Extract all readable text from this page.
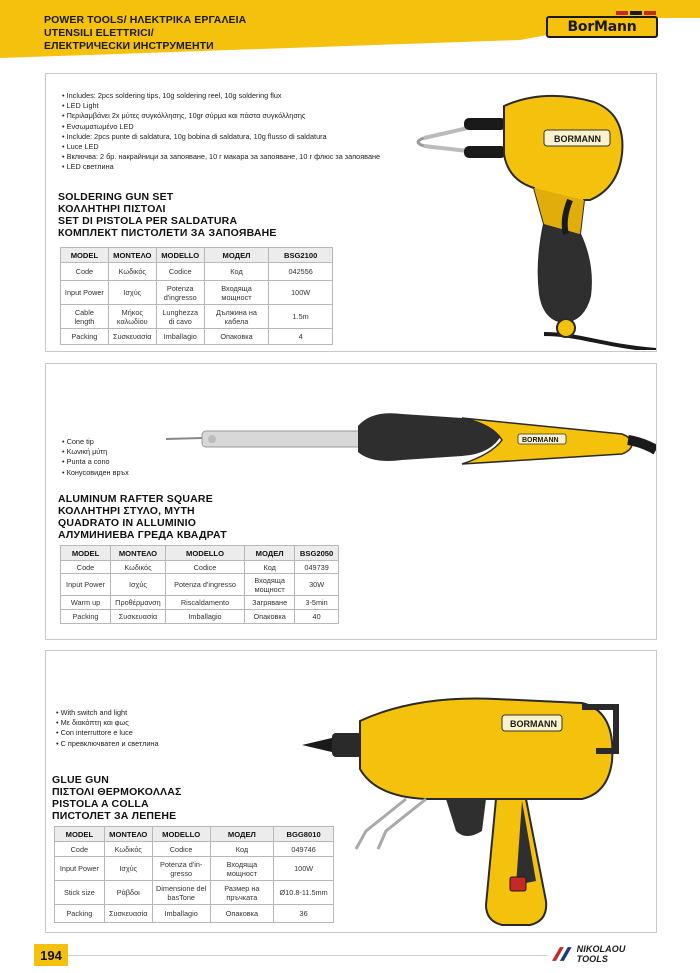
POWER TOOLS/ ΗΛΕΚΤΡΙΚΑ ΕΡΓΑΛΕΙΑ
UTENSILI ELETTRICI/
ЕЛЕКТРИЧЕСКИ ИНСТРУМЕНТИ
BorMann
• Includes: 2pcs soldering tips, 10g soldering reel, 10g soldering flux
• LED Light
• Περιλαμβάνει 2x μύτες συγκόλλησης, 10gr σύρμα και πάστα συγκόλλησης
• Ενσωματωμένο LED
• Include: 2pcs punte di saldatura, 10g bobina di saldatura, 10g flusso di saldatura
• Luce LED
• Включва: 2 бр. накрайници за запояване, 10 г макара за запояване, 10 г флюс за запояване
• LED светлина
SOLDERING GUN SET
ΚΟΛΛΗΤΗΡΙ ΠΙΣΤΟΛΙ
SET DI PISTOLA PER SALDATURA
КОМПЛЕКТ ПИСТОЛЕТИ ЗА ЗАПОЯВАНЕ
MODEL	ΜΟΝΤΕΛΟ	MODELLO	МОДЕЛ	BSG2100
Code	Κωδικός	Codice	Код	042556
Input Power	Ισχύς	Potenza d'ingresso	Входяща мощност	100W
Cable length	Μήκος καλωδίου	Lunghezza di cavo	Дължина на кабела	1.5m
Packing	Συσκευασία	Imballagio	Опаковка	4
BORMANN
• Cone tip
• Κωνική μύτη
• Punta a cono
• Конусовиден връх
ALUMINUM RAFTER SQUARE
ΚΟΛΛΗΤΗΡΙ ΣΤΥΛΟ, ΜΥΤΗ
QUADRATO IN ALLUMINIO
АЛУМИНИЕВА ГРЕДА КВАДРАТ
MODEL	ΜΟΝΤΕΛΟ	MODELLO	МОДЕЛ	BSG2050
Code	Κωδικός	Codice	Код	049739
Input Power	Ισχύς	Potenza d'ingresso	Входяща мощност	30W
Warm up	Προθέρμανση	Riscaldamento	Загряване	3-5min
Packing	Συσκευασία	Imballagio	Опаковка	40
BORMANN
• With switch and light
• Με διακόπτη και φως
• Con interruttore e luce
• С превключвател и светлина
GLUE GUN
ΠΙΣΤΟΛΙ ΘΕΡΜΟΚΟΛΛΑΣ
PISTOLA A COLLA
ПИСТОЛЕТ ЗА ЛЕПЕНЕ
MODEL	ΜΟΝΤΕΛΟ	MODELLO	МОДЕЛ	BGG8010
Code	Κωδικός	Codice	Код	049746
Input Power	Ισχύς	Potenza d'in-gresso	Входяща мощност	100W
Stick size	Ράβδοι	Dimensione del basTone	Размер на пръчката	Ø10.8-11.5mm
Packing	Συσκευασία	Imballagio	Опаковка	36
BORMANN
194	NIKOLAOU TOOLS
